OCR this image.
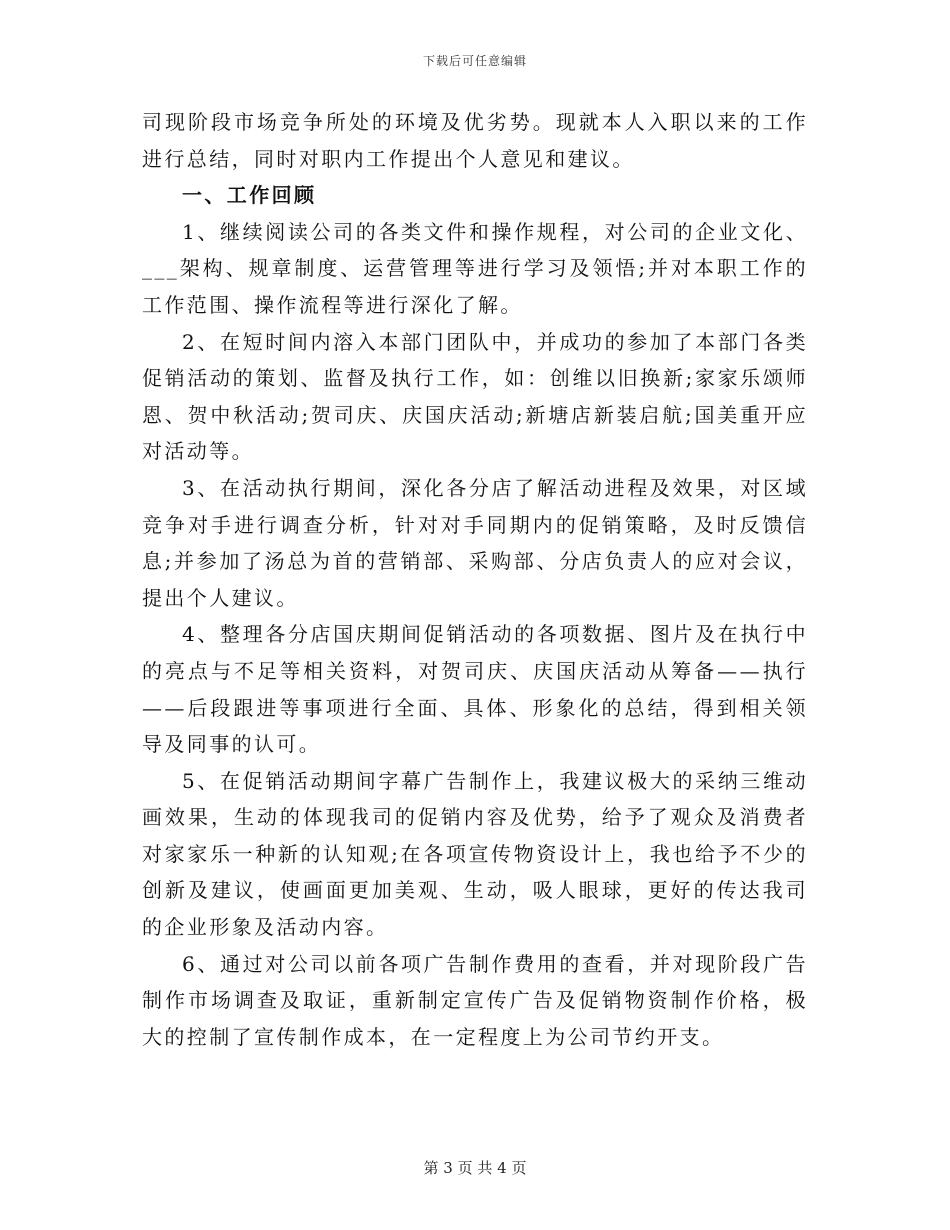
下载后可任意编辑

司现阶段市场竞争所处的环境及优劣势。现就本人入职以来的工作进行总结，同时对职内工作提出个人意见和建议。

一、工作回顾

1、继续阅读公司的各类文件和操作规程，对公司的企业文化、___架构、规章制度、运营管理等进行学习及领悟;并对本职工作的工作范围、操作流程等进行深化了解。

2、在短时间内溶入本部门团队中，并成功的参加了本部门各类促销活动的策划、监督及执行工作，如：创维以旧换新;家家乐颂师恩、贺中秋活动;贺司庆、庆国庆活动;新塘店新装启航;国美重开应对活动等。

3、在活动执行期间，深化各分店了解活动进程及效果，对区域竞争对手进行调查分析，针对对手同期内的促销策略，及时反馈信息;并参加了汤总为首的营销部、采购部、分店负责人的应对会议，提出个人建议。

4、整理各分店国庆期间促销活动的各项数据、图片及在执行中的亮点与不足等相关资料，对贺司庆、庆国庆活动从筹备——执行——后段跟进等事项进行全面、具体、形象化的总结，得到相关领导及同事的认可。

5、在促销活动期间字幕广告制作上，我建议极大的采纳三维动画效果，生动的体现我司的促销内容及优势，给予了观众及消费者对家家乐一种新的认知观;在各项宣传物资设计上，我也给予不少的创新及建议，使画面更加美观、生动，吸人眼球，更好的传达我司的企业形象及活动内容。

6、通过对公司以前各项广告制作费用的查看，并对现阶段广告制作市场调查及取证，重新制定宣传广告及促销物资制作价格，极大的控制了宣传制作成本，在一定程度上为公司节约开支。

第 3 页 共 4 页
